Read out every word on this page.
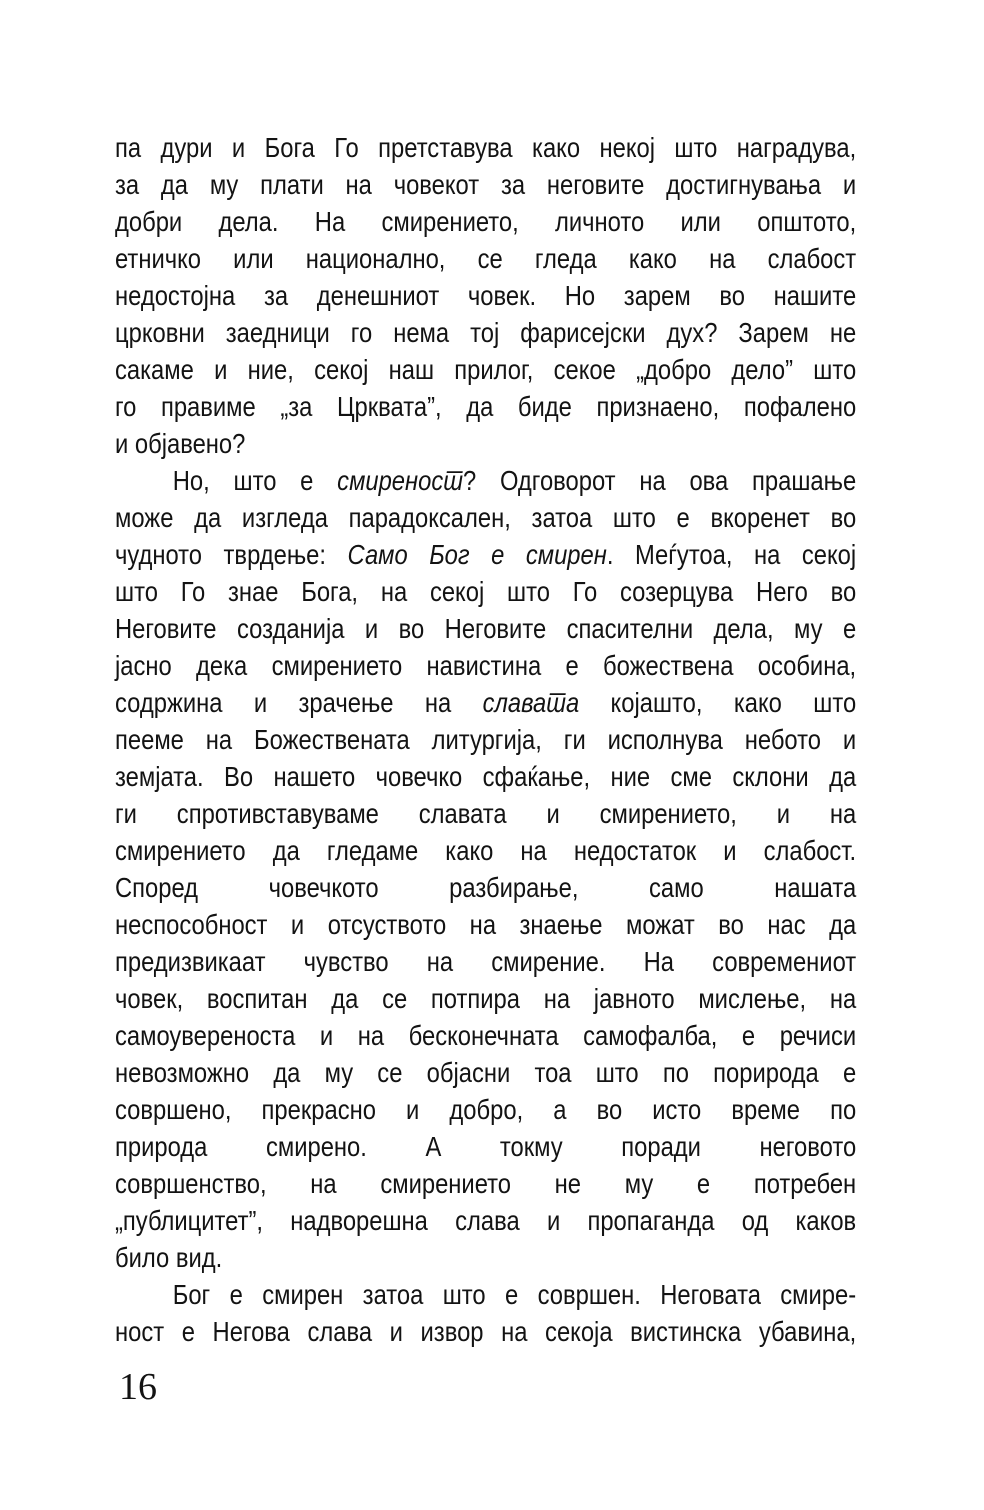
па дури и Бога Го претставува како некој што наградува,
за да му плати на човекот за неговите достигнувања и
добри дела. На смирението, личното или општото,
етничко или национално, се гледа како на слабост
недостојна за денешниот човек. Но зарем во нашите
црковни заедници го нема тој фарисејски дух? Зарем не
сакаме и ние, секој наш прилог, секое „добро дело” што
го правиме „за Црквата”, да биде признаено, пофалено
и објавено?
Но, што е смиреност? Одговорот на ова прашање
може да изгледа парадоксален, затоа што е вкоренет во
чудното тврдење: Само Бог е смирен. Меѓутоа, на секој
што Го знае Бога, на секој што Го созерцува Него во
Неговите созданија и во Неговите спасителни дела, му е
јасно дека смирението навистина е божествена особина,
содржина и зрачење на славата којашто, како што
пееме на Божествената литургија, ги исполнува небото и
земјата. Во нашето човечко сфаќање, ние сме склони да
ги спротивставуваме славата и смирението, и на
смирението да гледаме како на недостаток и слабост.
Според човечкото разбирање, само нашата
неспособност и отсуството на знаење можат во нас да
предизвикаат чувство на смирение. На современиот
човек, воспитан да се потпира на јавното мислење, на
самоувереноста и на бесконечната самофалба, е речиси
невозможно да му се објасни тоа што по порирода е
совршено, прекрасно и добро, а во исто време по
природа смирено. А токму поради неговото
совршенство, на смирението не му е потребен
„публицитет”, надворешна слава и пропаганда од каков
било вид.
Бог е смирен затоа што е совршен. Неговата смире-
ност е Негова слава и извор на секоја вистинска убавина,
16
